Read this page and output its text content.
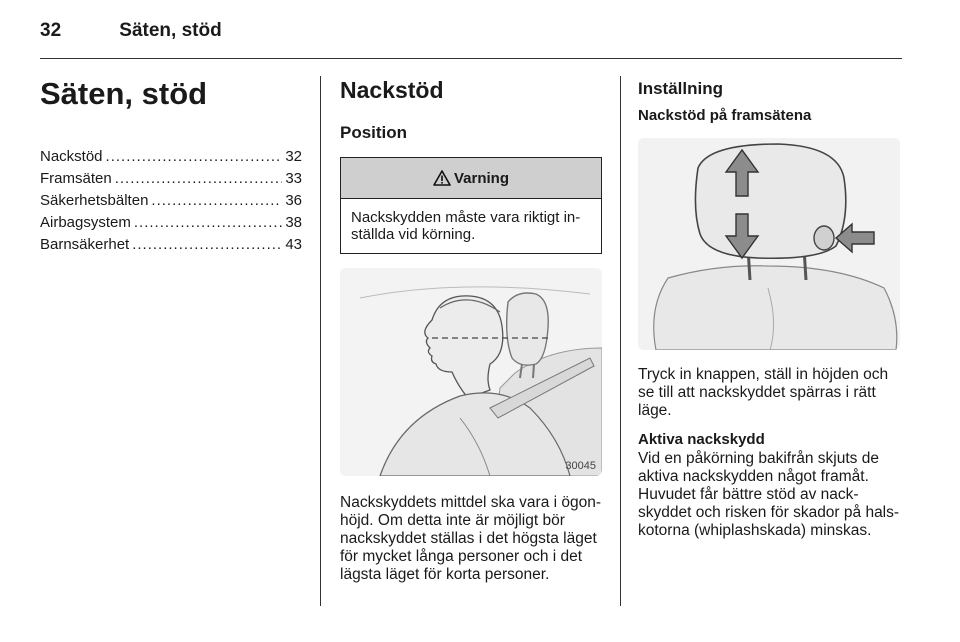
32	Säten, stöd
Säten, stöd
Nackstöd .....	32
Framsäten .....	33
Säkerhetsbälten .....	36
Airbagsystem .....	38
Barnsäkerhet .....	43
Nackstöd
Position
Varning
Nackskydden måste vara riktigt in-ställda vid körning.
30045

Nackskyddets mittdel ska vara i ögon-höjd. Om detta inte är möjligt bör nackskyddet ställas i det högsta läget för mycket långa personer och i det lägsta läget för korta personer.

Inställning
Nackstöd på framsätena

Tryck in knappen, ställ in höjden och se till att nackskyddet spärras i rätt läge.

Aktiva nackskydd

Vid en påkörning bakifrån skjuts de aktiva nackskydden något framåt. Huvudet får bättre stöd av nack-skyddet och risken för skador på hals-kotorna (whiplashskada) minskas.
